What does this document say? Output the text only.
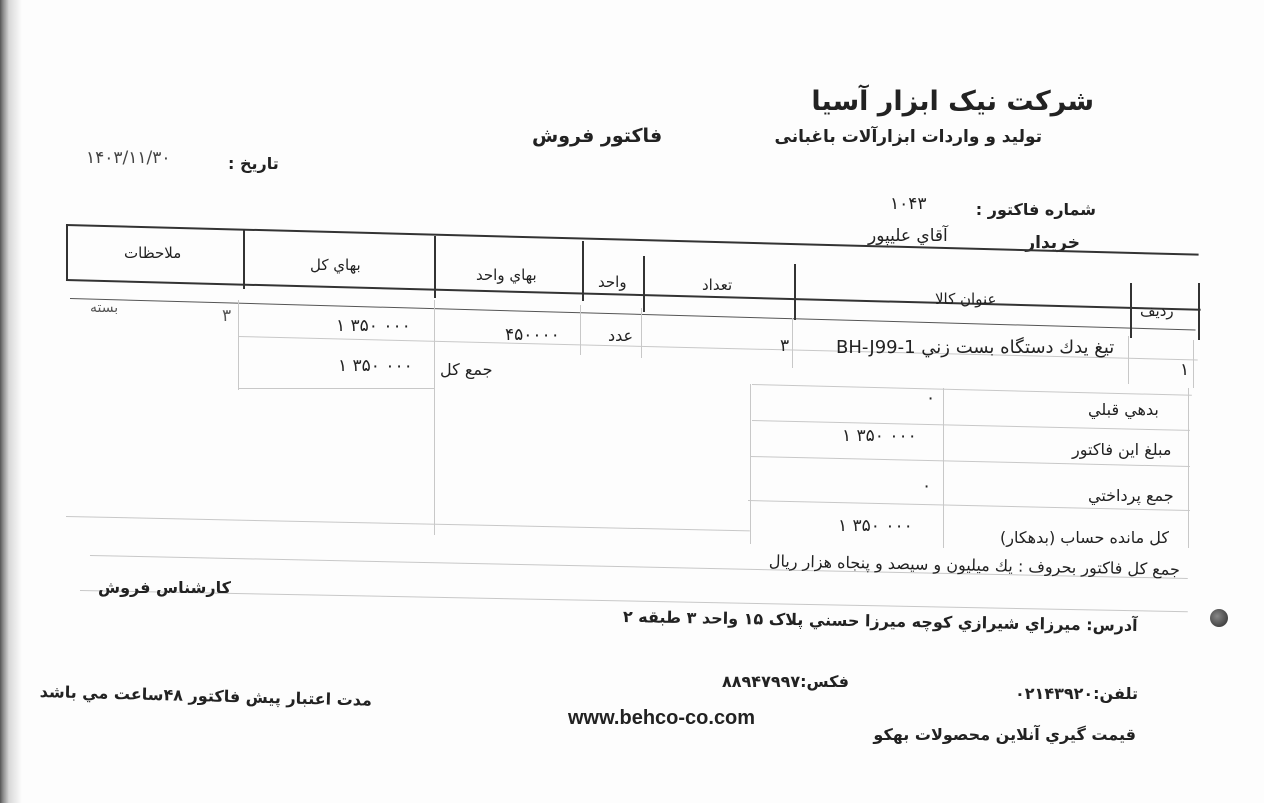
شرکت نیک ابزار آسیا
تولید و واردات ابزارآلات باغبانی
فاکتور فروش
تاریخ :
۱۴۰۳/۱۱/۳۰
شماره فاکتور :
۱۰۴۳
خریدار
آقاي عليپور
رديف
عنوان كالا
تعداد
واحد
بهاي واحد
بهاي كل
ملاحظات
۱
تيغ يدك دستگاه بست زني BH-J99-1
۳
عدد
۴۵۰۰۰۰
۱ ۳۵۰ ۰۰۰
۳
بسته
۱ ۳۵۰ ۰۰۰ جمع كل
۰
بدهي قبلي
۱ ۳۵۰ ۰۰۰
مبلغ اين فاكتور
۰	جمع پرداختي
۱ ۳۵۰ ۰۰۰
كل مانده حساب (بدهكار)
جمع كل فاكتور بحروف : يك ميليون و سيصد و پنجاه هزار ريال
کارشناس فروش
آدرس: میرزاي شیرازي کوچه میرزا حسني پلاک ۱۵ واحد ۳ طبقه ۲
فکس:۸۸۹۴۷۹۹۷
تلفن:۰۲۱۴۳۹۲۰
مدت اعتبار پیش فاکتور ۴۸ساعت مي باشد
www.behco-co.com
قیمت گیري آنلاين محصولات بهكو
